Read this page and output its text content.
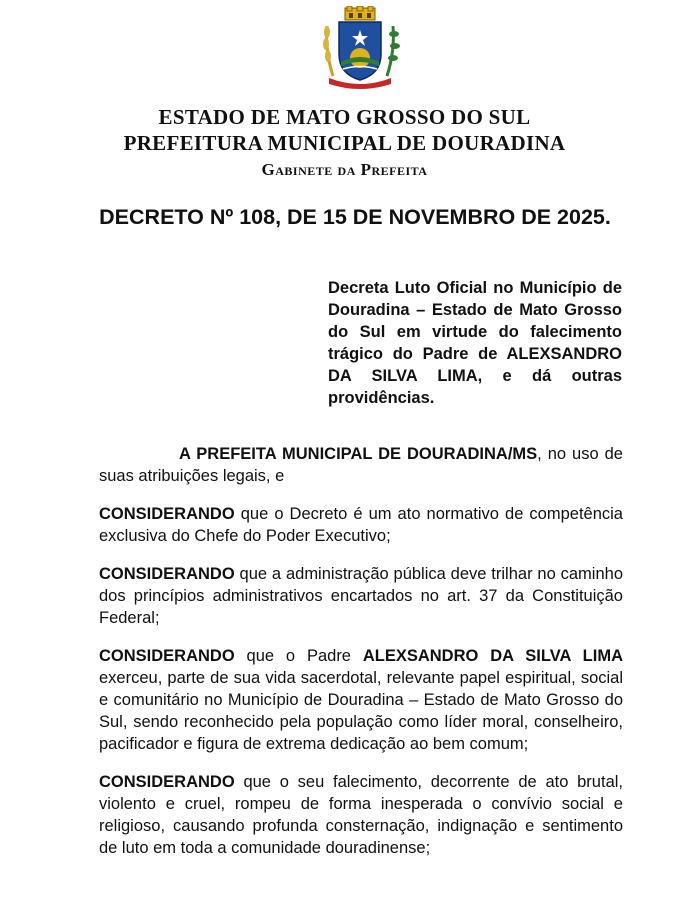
ESTADO DE MATO GROSSO DO SUL
PREFEITURA MUNICIPAL DE DOURADINA
Gabinete da Prefeita
DECRETO Nº 108, DE 15 DE NOVEMBRO DE 2025.
Decreta Luto Oficial no Município de Douradina – Estado de Mato Grosso do Sul em virtude do falecimento trágico do Padre de ALEXSANDRO DA SILVA LIMA, e dá outras providências.

A PREFEITA MUNICIPAL DE DOURADINA/MS, no uso de suas atribuições legais, e

CONSIDERANDO que o Decreto é um ato normativo de competência exclusiva do Chefe do Poder Executivo;

CONSIDERANDO que a administração pública deve trilhar no caminho dos princípios administrativos encartados no art. 37 da Constituição Federal;

CONSIDERANDO que o Padre ALEXSANDRO DA SILVA LIMA exerceu, parte de sua vida sacerdotal, relevante papel espiritual, social e comunitário no Município de Douradina – Estado de Mato Grosso do Sul, sendo reconhecido pela população como líder moral, conselheiro, pacificador e figura de extrema dedicação ao bem comum;

CONSIDERANDO que o seu falecimento, decorrente de ato brutal, violento e cruel, rompeu de forma inesperada o convívio social e religioso, causando profunda consternação, indignação e sentimento de luto em toda a comunidade douradinense;
